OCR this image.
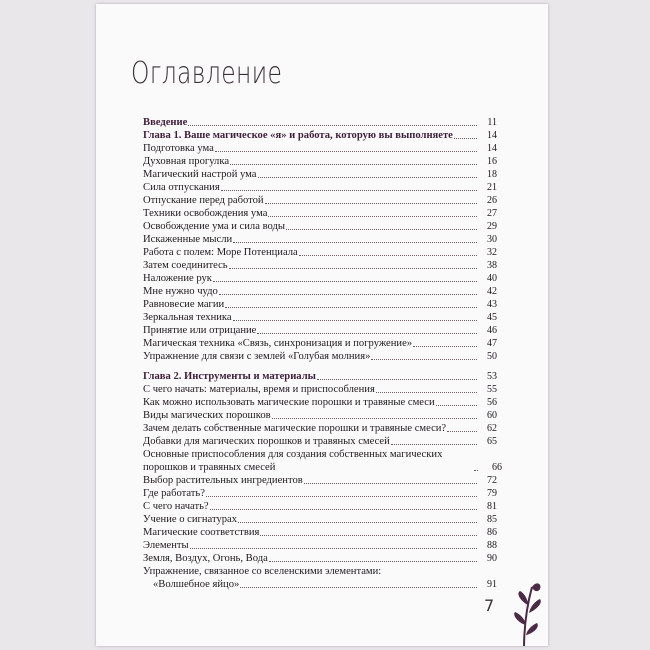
Оглавление
Введение	11
Глава 1. Ваше магическое «я» и работа, которую вы выполняете	14
Подготовка ума	14
Духовная прогулка	16
Магический настрой ума	18
Сила отпускания	21
Отпускание перед работой	26
Техники освобождения ума	27
Освобождение ума и сила воды	29
Искаженные мысли	30
Работа с полем: Море Потенциала	32
Затем соединитесь	38
Наложение рук	40
Мне нужно чудо	42
Равновесие магии	43
Зеркальная техника	45
Принятие или отрицание	46
Магическая техника «Связь, синхронизация и погружение»	47
Упражнение для связи с землей «Голубая молния»	50
Глава 2. Инструменты и материалы	53
С чего начать: материалы, время и приспособления	55
Как можно использовать магические порошки и травяные смеси	56
Виды магических порошков	60
Зачем делать собственные магические порошки и травяные смеси?	62
Добавки для магических порошков и травяных смесей	65
Основные приспособления для создания собственных магических порошков и травяных смесей	66
Выбор растительных ингредиентов	72
Где работать?	79
С чего начать?	81
Учение о сигнатурах	85
Магические соответствия	86
Элементы	88
Земля, Воздух, Огонь, Вода	90
Упражнение, связанное со вселенскими элементами:
«Волшебное яйцо»	91
7
